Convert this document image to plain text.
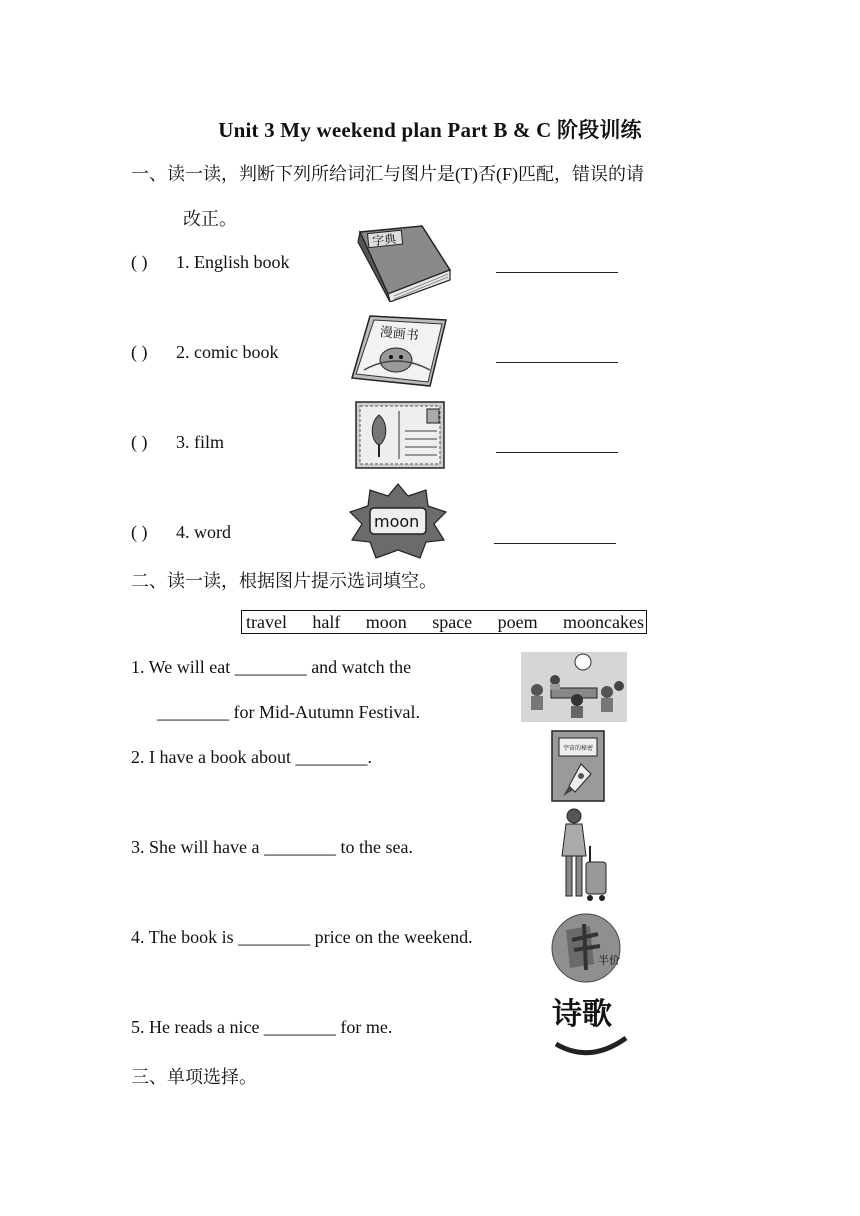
Unit 3 My weekend plan Part B & C 阶段训练
一、读一读，判断下列所给词汇与图片是(T)否(F)匹配，错误的请
改正。
( ) 1. English book
字典
( ) 2. comic book
漫画书
( ) 3. film
( ) 4. word
moon
二、读一读，根据图片提示选词填空。
travel half moon space poem mooncakes
1. We will eat ________ and watch the
________ for Mid-Autumn Festival.
2. I have a book about ________.	宇宙的秘密
3. She will have a ________ to the sea.
4. The book is ________ price on the weekend.
半价
5. He reads a nice ________ for me.	诗歌
三、单项选择。
